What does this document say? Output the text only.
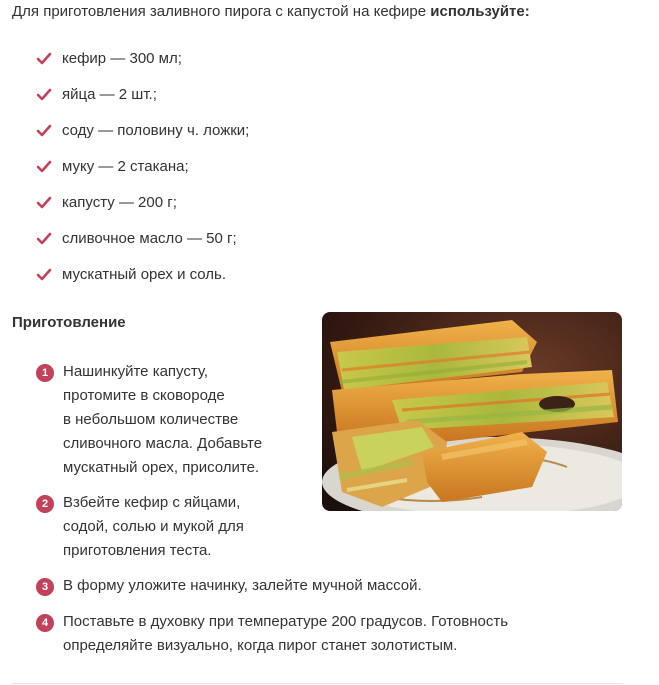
Для приготовления заливного пирога с капустой на кефире используйте:
кефир — 300 мл;
яйца — 2 шт.;
соду — половину ч. ложки;
муку — 2 стакана;
капусту — 200 г;
сливочное масло — 50 г;
мускатный орех и соль.
Приготовление
1 Нашинкуйте капусту,
протомите в сковороде
в небольшом количестве
сливочного масла. Добавьте
мускатный орех, присолите.
2 Взбейте кефир с яйцами,
содой, солью и мукой для
приготовления теста.
3 В форму уложите начинку, залейте мучной массой.
4 Поставьте в духовку при температуре 200 градусов. Готовность
определяйте визуально, когда пирог станет золотистым.
